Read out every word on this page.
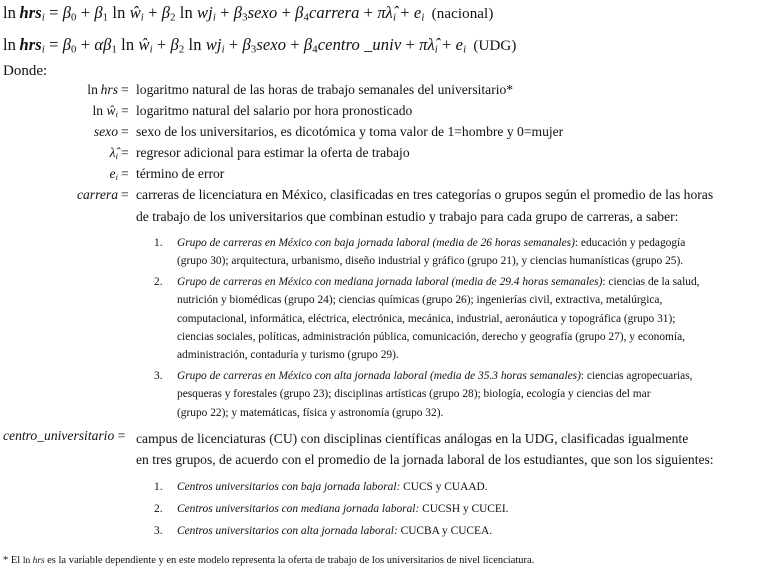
$\ln hrs_i = \beta_0 + \beta_1$ $\ln ŵ_i + \beta_2$ $\ln wj_i$ + $\beta_3sexo$ + $\beta_4carrera$ + $\pi\lambdâ_i + e_i$ (nacional)
$\ln hrs_i = \beta_0 + \alpha\beta_1$ $\ln ŵ_i + \beta_2$ $\ln wj_i$ + $\beta_3sexo$ + $\beta_4centro$ _univ + $\pi\lambdâ_i + e_i$ (UDG)
Donde:
ln  hrs = logaritmo natural de las horas de trabajo semanales del universitario*
$\ln ŵ_i$ = logaritmo natural del salario por hora pronosticado
sexo = sexo de los universitarios, es dicotómica y toma valor de 1=hombre y 0=mujer
$\lambdâ_i$ = regresor adicional para estimar la oferta de trabajo
$e_i$ = término de error
carrera = carreras de licenciatura en México, clasificadas en tres categorías o grupos según el promedio de las horas
de trabajo de los universitarios que combinan estudio y trabajo para cada grupo de carreras, a saber:
1. Grupo de carreras en México con baja jornada laboral (media de 26 horas semanales): educación y pedagogía
(grupo 30); arquitectura, urbanismo, diseño industrial y gráfico (grupo 21), y ciencias humanísticas (grupo 25).
2. Grupo de carreras en México con mediana jornada laboral (media de 29.4 horas semanales): ciencias de la salud,
nutrición y biomédicas (grupo 24); ciencias químicas (grupo 26); ingenierías civil, extractiva, metalúrgica,
computacional, informática, eléctrica, electrónica, mecánica, industrial, aeronáutica y topográfica (grupo 31);
ciencias sociales, políticas, administración pública, comunicación, derecho y geografía (grupo 27), y economía,
administración, contaduría y turismo (grupo 29).
3. Grupo de carreras en México con alta jornada laboral (media de 35.3 horas semanales): ciencias agropecuarias,
pesqueras y forestales (grupo 23); disciplinas artísticas (grupo 28); biología, ecología y ciencias del mar
(grupo 22); y matemáticas, física y astronomía (grupo 32).
centro_universitario = campus de licenciaturas (CU) con disciplinas científicas análogas en la UDG, clasificadas igualmente
en tres grupos, de acuerdo con el promedio de la jornada laboral de los estudiantes, que son los siguientes:
1. Centros universitarios con baja jornada laboral: CUCS y CUAAD.
2. Centros universitarios con mediana jornada laboral: CUCSH y CUCEI.
3. Centros universitarios con alta jornada laboral: CUCBA y CUCEA.
* El ln hrs es la variable dependiente y en este modelo representa la oferta de trabajo de los universitarios de nivel licenciatura.
